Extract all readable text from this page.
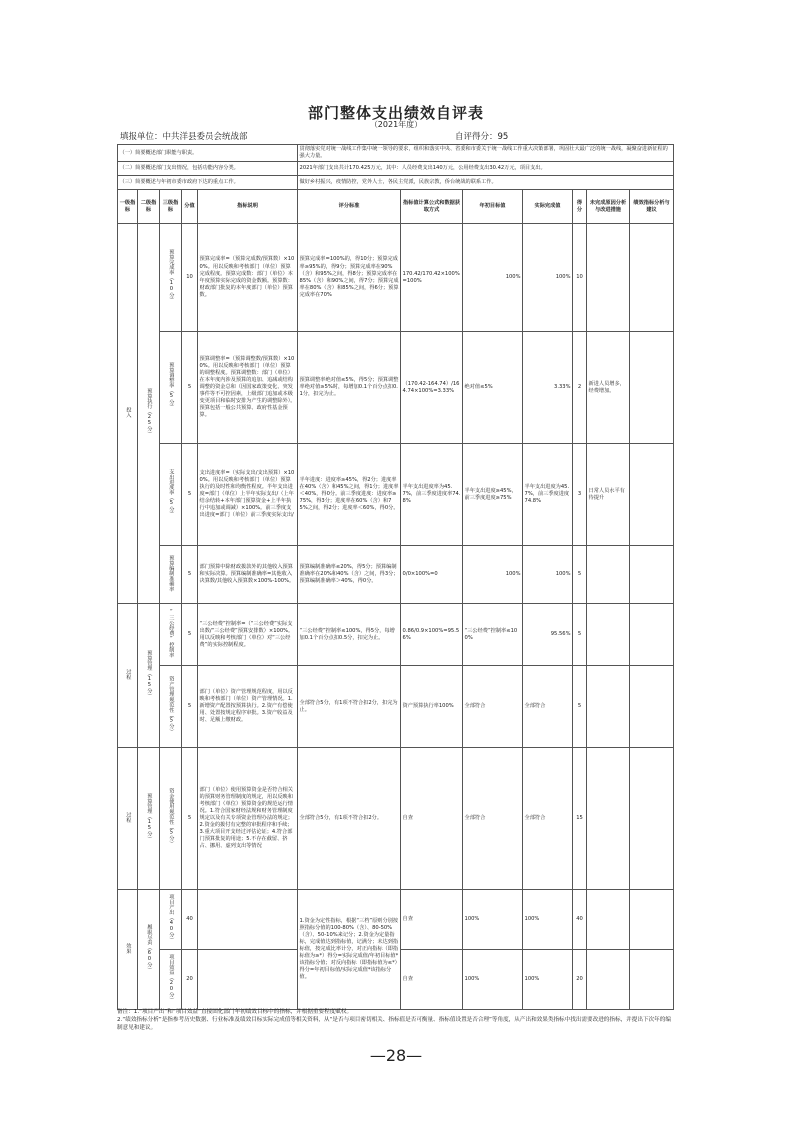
部门整体支出绩效自评表
（2021年度）
填报单位：中共洋县委员会统战部	自评得分：95
（一）简要概述部门职能与职责。					贯彻落实党对统一战线工作集中统一领导的要求，组织和落实中央、省委和市委关于统一战线工作重大决策部署，巩固壮大最广泛的统一战线，凝聚奋进新征程的强大力量。						
（二）简要概述部门支出情况，包括功能内容分类。					2021年部门支出共计170.425万元，其中：人员经费支出140万元，公用经费支出30.42万元，项目支出。						
（三）简要概述与年初市委市政府下达的重点工作。					做好乡村振兴，疫情防控，党外人士，各民主党派，民族宗教，侨台统战的联系工作。						
一级指标	二级指标	三级指标	分值	指标说明	评分标准	指标值计算公式和数据获取方式	年初目标值	实际完成值	得分	未完成原因分析与改进措施	绩效指标分析与建议
投入	预算执行（25分）	预算完成率（10分）	10	预算完成率=（预算完成数/预算数）×100%。用以反映和考核部门（单位）预算完成程度。预算完成数：部门（单位）本年度预算实际完成的资金数额。预算数：财政部门批复的本年度部门（单位）预算数。	预算完成率=100%的，得10分；预算完成率≥95%的，得9分；预算完成率在90%（含）和95%之间，得8分；预算完成率在85%（含）和90%之间，得7分；预算完成率在80%（含）和85%之间，得6分；预算完成率在70%	170.42/170.42×100%=100%	100%	100%	10		
		预算调整率（5分）	5	预算调整率=（预算调整数/预算数）×100%。用以反映和考核部门（单位）预算的调整程度。预算调整数：部门（单位）在本年度内涉及预算的追加、追减或结构调整的资金总和（因国家政策变化、突发事件等不可控因素，上级部门追加或本级变更项目和临时安排为产生的调整除外）。预算包括一般公共预算、政府性基金预算。	预算调整率绝对值≤5%，得5分；预算调整率绝对值≥5%时，每增加0.1个百分点扣0.1分，扣完为止。	（170.42-164.74）/164.74×100%=3.33%	绝对值≤5%	3.33%	2	新进人员增多，经费增加。	
		支出进度率（5分）	5	支出进度率=（实际支出/支出预算）×100%。用以反映和考核部门（单位）预算执行的及时性和均衡性程度。半年支出进度=部门（单位）上半年实际支出/（上年结余结转+本年部门预算资金+上半年执行中追加或调减）×100%。前三季度支出进度=部门（单位）前三季度实际支出/	半年进度：进度率≥45%，得2分；进度率在40%（含）和45%之间，得1分；进度率＜40%，得0分。前三季度进度：进度率≥75%，得3分；进度率在60%（含）和75%之间，得2分；进度率＜60%，得0分。	半年支出进度率为45.7%，前三季度进度率74.8%	半年支出进度≥45%，前三季度进度≥75%	半年支出进度为45.7%，前三季度进度74.8%	3	日常人员水平有待提升	
		预算编制准确率	5	部门预算中除财政拨款外的其他收入预算和实际决算。预算编制准确率=其他收入决算数/其他收入预算数×100%-100%。	预算编制准确率≤20%，得5分；预算编制准确率在20%和40%（含）之间，得3分；预算编制准确率＞40%，得0分。	0/0×100%=0	100%	100%	5		
过程	预算管理（15分）	“三公经费”控制率	5	“三公经费”控制率=（“三公经费”实际支出数/“三公经费”预算安排数）×100%。用以反映和考核部门（单位）对“三公经费”的实际控制程度。	“三公经费”控制率≤100%，得5分，每增加0.1个百分点扣0.5分，扣完为止。	0.86/0.9×100%=95.56%	“三公经费”控制率≤100%	95.56%	5		
		资产管理规范性（5分）	5	部门（单位）资产管理规范程度，用以反映和考核部门（单位）资产管理情况。1.新增资产配置按预算执行。2.资产有偿使用、处置按规定程序审批。3.资产收益及时、足额上缴财政。	全部符合5分，有1项不符合扣2分，扣完为止。	资产预算执行率100%	全部符合	全部符合	5		
过程	预算管理（15分）	资金使用规范性（5分）	5	部门（单位）使用预算资金是否符合相关的预算财务管理制度的规定，用以反映和考核部门（单位）预算资金的规范运行情况。1.符合国家财经法规和财务管理制度规定以及有关专项资金管理办法的规定；2.资金的拨付有完整的审批程序和手续；3.重大项目开支经过评估论证；4.符合部门预算批复的用途；5.不存在截留、挤占、挪用、虚列支出等情况	全部符合5分，有1项不符合扣2分。	自查	全部符合	全部符合	15		
效果	履职尽责（60分）	项目产出（40分）	40		1.资金为定性指标，根据“三档”原则分别按照指标分值的100-80%（含）、80-50%（含）、50-10%来记分；2.资金为定量指标，完成值达到指标值，记满分；未达到指标值，按完成比率计分，对正向指标（即指标值为≥*）得分=实际完成值/年初目标值*该指标分值；对反向指标（即指标值为≤*）得分=年初目标值/实际完成值*该指标分值。	自查	100%	100%	40		
		项目效益（20分）	20			自查	100%	100%	20		
备注：1.“项目产出”和“项目效益”直接固化部门年初绩效目标中的指标，并根据重要程度赋权。
2.“绩效指标分析”是指参考历史数据、行业标准及绩效目标实际完成值等相关资料，从“是否与项目密切相关、指标值是否可衡量、指标值设置是否合理”等角度，从产出和效果类指标中找出需要改进的指标，并提出下次年的编制意见和建议。
—28—
